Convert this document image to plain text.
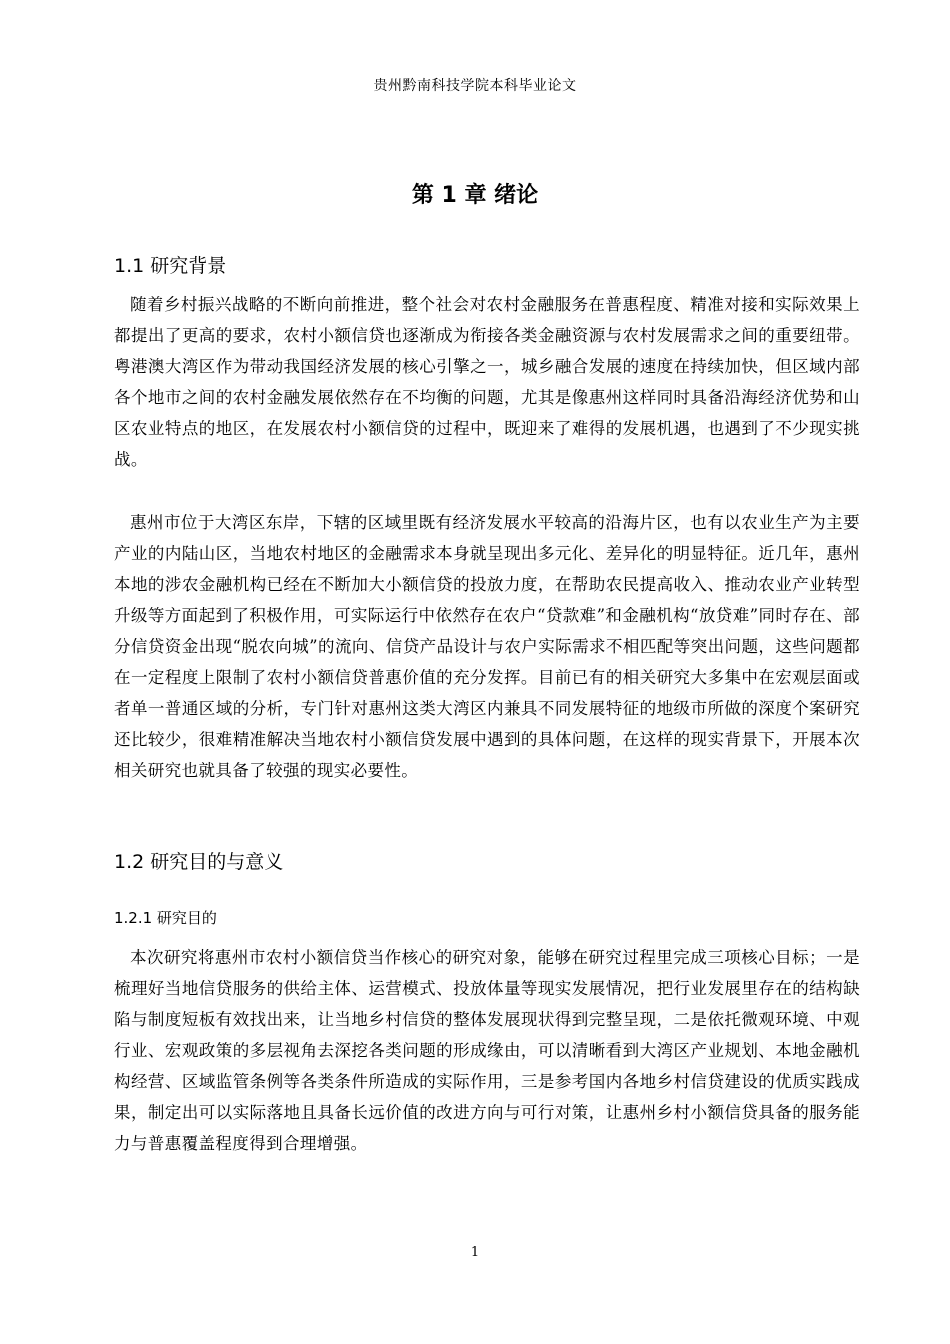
贵州黔南科技学院本科毕业论文
第 1 章 绪论
1.1 研究背景

随着乡村振兴战略的不断向前推进，整个社会对农村金融服务在普惠程度、精准对接和实际效果上都提出了更高的要求，农村小额信贷也逐渐成为衔接各类金融资源与农村发展需求之间的重要纽带。粤港澳大湾区作为带动我国经济发展的核心引擎之一，城乡融合发展的速度在持续加快，但区域内部各个地市之间的农村金融发展依然存在不均衡的问题，尤其是像惠州这样同时具备沿海经济优势和山区农业特点的地区，在发展农村小额信贷的过程中，既迎来了难得的发展机遇，也遇到了不少现实挑战。

惠州市位于大湾区东岸，下辖的区域里既有经济发展水平较高的沿海片区，也有以农业生产为主要产业的内陆山区，当地农村地区的金融需求本身就呈现出多元化、差异化的明显特征。近几年，惠州本地的涉农金融机构已经在不断加大小额信贷的投放力度，在帮助农民提高收入、推动农业产业转型升级等方面起到了积极作用，可实际运行中依然存在农户“贷款难”和金融机构“放贷难”同时存在、部分信贷资金出现“脱农向城”的流向、信贷产品设计与农户实际需求不相匹配等突出问题，这些问题都在一定程度上限制了农村小额信贷普惠价值的充分发挥。目前已有的相关研究大多集中在宏观层面或者单一普通区域的分析，专门针对惠州这类大湾区内兼具不同发展特征的地级市所做的深度个案研究还比较少，很难精准解决当地农村小额信贷发展中遇到的具体问题，在这样的现实背景下，开展本次相关研究也就具备了较强的现实必要性。

1.2 研究目的与意义
1.2.1 研究目的

本次研究将惠州市农村小额信贷当作核心的研究对象，能够在研究过程里完成三项核心目标；一是梳理好当地信贷服务的供给主体、运营模式、投放体量等现实发展情况，把行业发展里存在的结构缺陷与制度短板有效找出来，让当地乡村信贷的整体发展现状得到完整呈现，二是依托微观环境、中观行业、宏观政策的多层视角去深挖各类问题的形成缘由，可以清晰看到大湾区产业规划、本地金融机构经营、区域监管条例等各类条件所造成的实际作用，三是参考国内各地乡村信贷建设的优质实践成果，制定出可以实际落地且具备长远价值的改进方向与可行对策，让惠州乡村小额信贷具备的服务能力与普惠覆盖程度得到合理增强。

1
